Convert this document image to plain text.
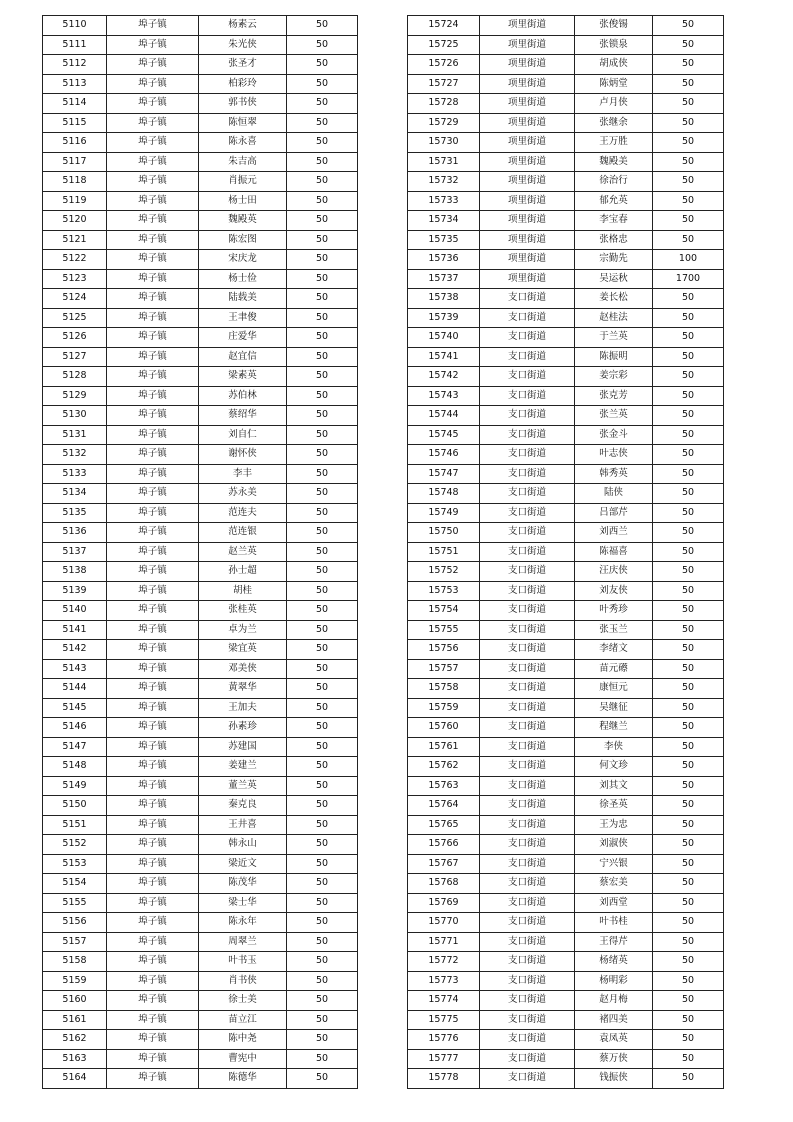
5110	埠子镇	杨素云	50
5111	埠子镇	朱光侠	50
5112	埠子镇	张圣才	50
5113	埠子镇	柏彩玲	50
5114	埠子镇	郭书侠	50
5115	埠子镇	陈恒翠	50
5116	埠子镇	陈永喜	50
5117	埠子镇	朱吉高	50
5118	埠子镇	肖振元	50
5119	埠子镇	杨士田	50
5120	埠子镇	魏殿英	50
5121	埠子镇	陈宏图	50
5122	埠子镇	宋庆龙	50
5123	埠子镇	杨士俭	50
5124	埠子镇	陆载美	50
5125	埠子镇	王聿俊	50
5126	埠子镇	庄爱华	50
5127	埠子镇	赵宜信	50
5128	埠子镇	梁素英	50
5129	埠子镇	苏伯林	50
5130	埠子镇	蔡绍华	50
5131	埠子镇	刘自仁	50
5132	埠子镇	谢怀侠	50
5133	埠子镇	李丰	50
5134	埠子镇	苏永美	50
5135	埠子镇	范连夫	50
5136	埠子镇	范连银	50
5137	埠子镇	赵兰英	50
5138	埠子镇	孙士超	50
5139	埠子镇	胡桂	50
5140	埠子镇	张桂英	50
5141	埠子镇	卓为兰	50
5142	埠子镇	梁宜英	50
5143	埠子镇	邓美侠	50
5144	埠子镇	黄翠华	50
5145	埠子镇	王加夫	50
5146	埠子镇	孙素珍	50
5147	埠子镇	苏建国	50
5148	埠子镇	姜建兰	50
5149	埠子镇	董兰英	50
5150	埠子镇	秦克良	50
5151	埠子镇	王井喜	50
5152	埠子镇	韩永山	50
5153	埠子镇	梁近文	50
5154	埠子镇	陈茂华	50
5155	埠子镇	梁士华	50
5156	埠子镇	陈永年	50
5157	埠子镇	周翠兰	50
5158	埠子镇	叶书玉	50
5159	埠子镇	肖书侠	50
5160	埠子镇	徐士美	50
5161	埠子镇	苗立江	50
5162	埠子镇	陈中尧	50
5163	埠子镇	曹宪中	50
5164	埠子镇	陈德华	50
15724	项里街道	张俊锡	50
15725	项里街道	张锁泉	50
15726	项里街道	胡成侠	50
15727	项里街道	陈炳堂	50
15728	项里街道	卢月侠	50
15729	项里街道	张继余	50
15730	项里街道	王万胜	50
15731	项里街道	魏殿美	50
15732	项里街道	徐治行	50
15733	项里街道	郁允英	50
15734	项里街道	李宝春	50
15735	项里街道	张格忠	50
15736	项里街道	宗勤先	100
15737	项里街道	吴运秋	1700
15738	支口街道	姜长松	50
15739	支口街道	赵桂法	50
15740	支口街道	于兰英	50
15741	支口街道	陈振明	50
15742	支口街道	姜宗彩	50
15743	支口街道	张克芳	50
15744	支口街道	张兰英	50
15745	支口街道	张金斗	50
15746	支口街道	叶志侠	50
15747	支口街道	韩秀英	50
15748	支口街道	陆侠	50
15749	支口街道	吕部芹	50
15750	支口街道	刘西兰	50
15751	支口街道	陈福喜	50
15752	支口街道	汪庆侠	50
15753	支口街道	刘友侠	50
15754	支口街道	叶秀珍	50
15755	支口街道	张玉兰	50
15756	支口街道	李绪文	50
15757	支口街道	苗元礤	50
15758	支口街道	康恒元	50
15759	支口街道	吴继征	50
15760	支口街道	程继兰	50
15761	支口街道	李侠	50
15762	支口街道	何文珍	50
15763	支口街道	刘其文	50
15764	支口街道	徐圣英	50
15765	支口街道	王为忠	50
15766	支口街道	刘淑侠	50
15767	支口街道	宁兴银	50
15768	支口街道	蔡宏美	50
15769	支口街道	刘西堂	50
15770	支口街道	叶书桂	50
15771	支口街道	王得芹	50
15772	支口街道	杨绪英	50
15773	支口街道	杨明彩	50
15774	支口街道	赵月梅	50
15775	支口街道	褚四美	50
15776	支口街道	袁凤英	50
15777	支口街道	蔡万侠	50
15778	支口街道	钱振侠	50
